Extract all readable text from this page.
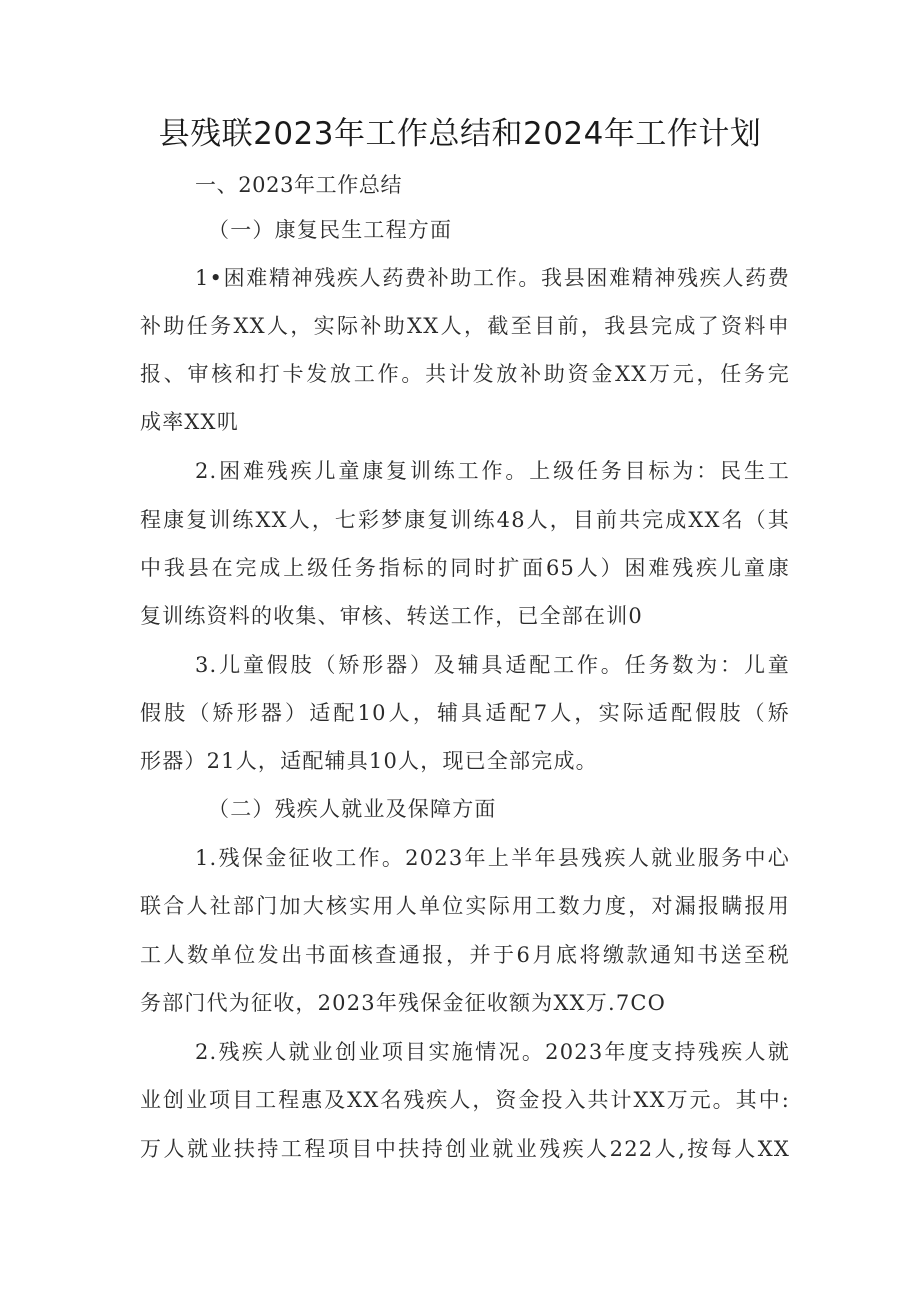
县残联2023年工作总结和2024年工作计划
一、2023年工作总结
（一）康复民生工程方面
1•困难精神残疾人药费补助工作。我县困难精神残疾人药费
补助任务XX人，实际补助XX人，截至目前，我县完成了资料申
报、审核和打卡发放工作。共计发放补助资金XX万元，任务完
成率XX叽
2.困难残疾儿童康复训练工作。上级任务目标为：民生工
程康复训练XX人，七彩梦康复训练48人，目前共完成XX名（其
中我县在完成上级任务指标的同时扩面65人）困难残疾儿童康
复训练资料的收集、审核、转送工作，已全部在训0
3.儿童假肢（矫形器）及辅具适配工作。任务数为：儿童
假肢（矫形器）适配10人，辅具适配7人，实际适配假肢（矫
形器）21人，适配辅具10人，现已全部完成。
（二）残疾人就业及保障方面
1.残保金征收工作。2023年上半年县残疾人就业服务中心
联合人社部门加大核实用人单位实际用工数力度，对漏报瞒报用
工人数单位发出书面核查通报，并于6月底将缴款通知书送至税
务部门代为征收，2023年残保金征收额为XX万.7CO
2.残疾人就业创业项目实施情况。2023年度支持残疾人就
业创业项目工程惠及XX名残疾人，资金投入共计XX万元。其中:
万人就业扶持工程项目中扶持创业就业残疾人222人,按每人XX
